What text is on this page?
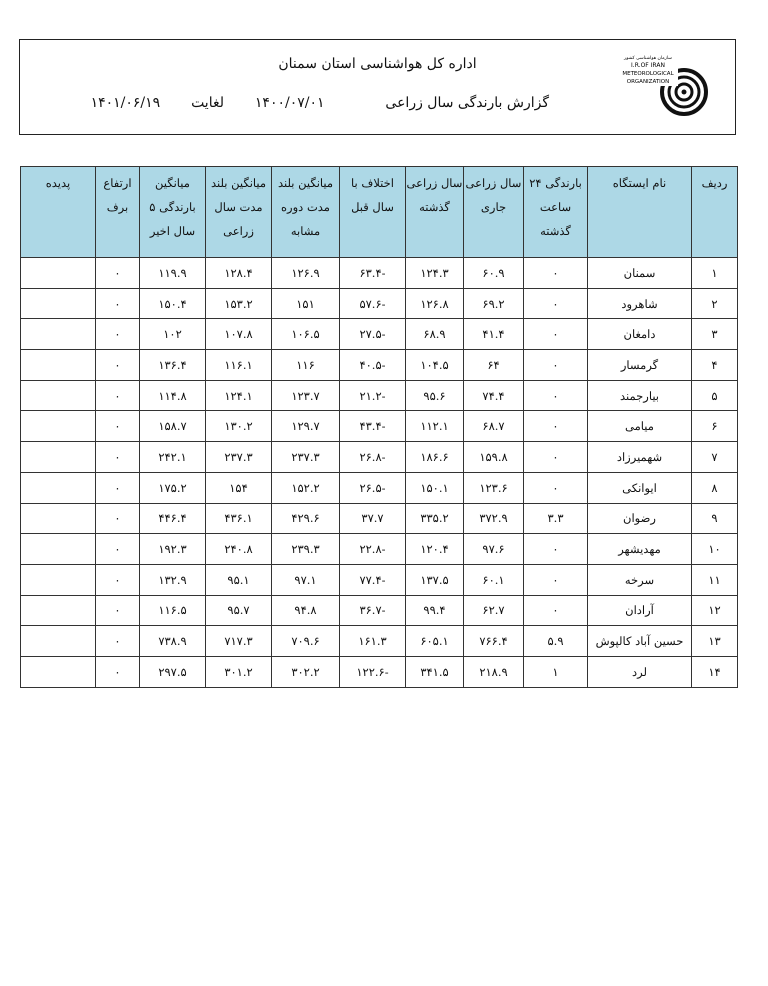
اداره کل هواشناسی استان سمنان
گزارش بارندگی سال زراعی  ۱۴۰۰/۰۷/۰۱  لغایت  ۱۴۰۱/۰۶/۱۹
سازمان هواشناسی کشور
I.R.OF IRAN
METEOROLOGICAL
ORGANIZATION
ردیف	نام ایستگاه	بارندگی ۲۴ ساعت گذشته	سال زراعی جاری	سال زراعی گذشته	اختلاف با سال قبل	میانگین بلند مدت دوره مشابه	میانگین بلند مدت سال زراعی	میانگین بارندگی ۵ سال اخیر	ارتفاع برف	پدیده
۱	سمنان	۰	۶۰.۹	۱۲۴.۳	-۶۳.۴	۱۲۶.۹	۱۲۸.۴	۱۱۹.۹	۰	
۲	شاهرود	۰	۶۹.۲	۱۲۶.۸	-۵۷.۶	۱۵۱	۱۵۳.۲	۱۵۰.۴	۰	
۳	دامغان	۰	۴۱.۴	۶۸.۹	-۲۷.۵	۱۰۶.۵	۱۰۷.۸	۱۰۲	۰	
۴	گرمسار	۰	۶۴	۱۰۴.۵	-۴۰.۵	۱۱۶	۱۱۶.۱	۱۳۶.۴	۰	
۵	بیارجمند	۰	۷۴.۴	۹۵.۶	-۲۱.۲	۱۲۳.۷	۱۲۴.۱	۱۱۴.۸	۰	
۶	میامی	۰	۶۸.۷	۱۱۲.۱	-۴۳.۴	۱۲۹.۷	۱۳۰.۲	۱۵۸.۷	۰	
۷	شهمیرزاد	۰	۱۵۹.۸	۱۸۶.۶	-۲۶.۸	۲۳۷.۳	۲۳۷.۳	۲۴۲.۱	۰	
۸	ایوانکی	۰	۱۲۳.۶	۱۵۰.۱	-۲۶.۵	۱۵۲.۲	۱۵۴	۱۷۵.۲	۰	
۹	رضوان	۳.۳	۳۷۲.۹	۳۳۵.۲	۳۷.۷	۴۲۹.۶	۴۳۶.۱	۴۴۶.۴	۰	
۱۰	مهدیشهر	۰	۹۷.۶	۱۲۰.۴	-۲۲.۸	۲۳۹.۳	۲۴۰.۸	۱۹۲.۳	۰	
۱۱	سرخه	۰	۶۰.۱	۱۳۷.۵	-۷۷.۴	۹۷.۱	۹۵.۱	۱۳۲.۹	۰	
۱۲	آرادان	۰	۶۲.۷	۹۹.۴	-۳۶.۷	۹۴.۸	۹۵.۷	۱۱۶.۵	۰	
۱۳	حسین آباد کالپوش	۵.۹	۷۶۶.۴	۶۰۵.۱	۱۶۱.۳	۷۰۹.۶	۷۱۷.۳	۷۳۸.۹	۰	
۱۴	لرد	۱	۲۱۸.۹	۳۴۱.۵	-۱۲۲.۶	۳۰۲.۲	۳۰۱.۲	۲۹۷.۵	۰	
